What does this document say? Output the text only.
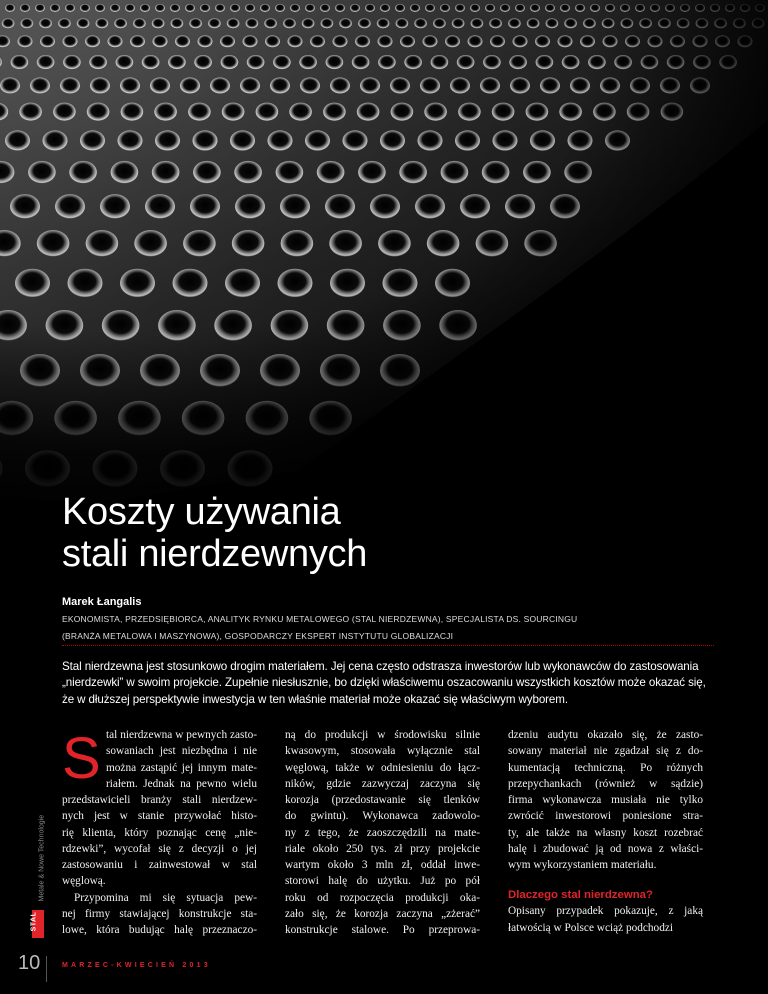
Koszty używania
stali nierdzewnych
Marek Łangalis
EKONOMISTA, PRZEDSIĘBIORCA, ANALITYK RYNKU METALOWEGO (STAL NIERDZEWNA), SPECJALISTA DS. SOURCINGU
(BRANŻA METALOWA I MASZYNOWA), GOSPODARCZY EKSPERT INSTYTUTU GLOBALIZACJI
Stal nierdzewna jest stosunkowo drogim materiałem. Jej cena często odstrasza inwestorów lub wykonawców do zastosowania
„nierdzewki” w swoim projekcie. Zupełnie niesłusznie, bo dzięki właściwemu oszacowaniu wszystkich kosztów może okazać się,
że w dłuższej perspektywie inwestycja w ten właśnie materiał może okazać się właściwym wyborem.
S tal nierdzewna w pewnych zasto-
sowaniach jest niezbędna i nie
można zastąpić jej innym mate-
riałem. Jednak na pewno wielu
przedstawicieli branży stali nierdzew-
nych jest w stanie przywołać histo-
rię klienta, który poznając cenę „nie-
rdzewki”, wycofał się z decyzji o jej
zastosowaniu i zainwestował w stal
węglową.
Przypomina mi się sytuacja pew-
nej firmy stawiającej konstrukcje sta-
lowe, która budując halę przeznaczo-
ną do produkcji w środowisku silnie
kwasowym, stosowała wyłącznie stal
węglową, także w odniesieniu do łącz-
ników, gdzie zazwyczaj zaczyna się
korozja (przedostawanie się tlenków
do gwintu). Wykonawca zadowolo-
ny z tego, że zaoszczędzili na mate-
riale około 250 tys. zł przy projekcie
wartym około 3 mln zł, oddał inwe-
storowi halę do użytku. Już po pół
roku od rozpoczęcia produkcji oka-
zało się, że korozja zaczyna „zżerać”
konstrukcje stalowe. Po przeprowa-
dzeniu audytu okazało się, że zasto-
sowany materiał nie zgadzał się z do-
kumentacją techniczną. Po różnych
przepychankach (również w sądzie)
firma wykonawcza musiała nie tylko
zwrócić inwestorowi poniesione stra-
ty, ale także na własny koszt rozebrać
halę i zbudować ją od nowa z właści-
wym wykorzystaniem materiału.
Dlaczego stal nierdzewna?
Opisany przypadek pokazuje, z jaką
łatwością w Polsce wciąż podchodzi
Metale & Nowe Technologie
STAL
10	MARZEC-KWIECIEŃ 2013
